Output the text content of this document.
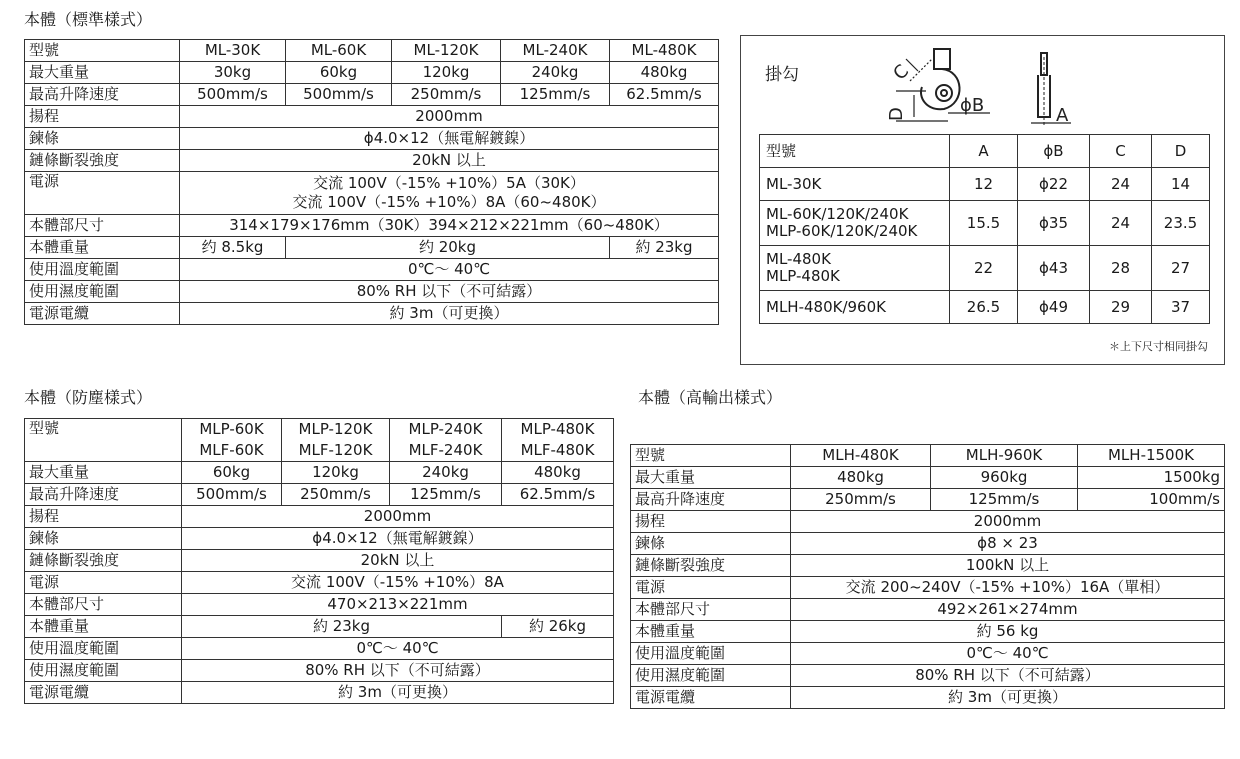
本體（標準樣式）
型號	ML-30K	ML-60K	ML-120K	ML-240K	ML-480K
最大重量	30kg	60kg	120kg	240kg	480kg
最高升降速度	500mm/s	500mm/s	250mm/s	125mm/s	62.5mm/s
揚程	2000mm				
鍊條	ϕ4.0×12（無電解鍍鎳）				
鏈條斷裂強度	20kN 以上				
電源	交流 100V（-15% +10%）5A（30K）
交流 100V（-15% +10%）8A（60~480K）				

本體部尺寸	314×179×176mm（30K）394×212×221mm（60~480K）				
本體重量	约 8.5kg	约 20kg			約 23kg
使用溫度範圍	0℃～ 40℃				
使用濕度範圍	80% RH 以下（不可結露）				
電源電纜	約 3m（可更換）				
掛勾	C
D	ϕB	A
型號	A	ϕB	C	D
ML-30K	12	ϕ22	24	14

ML-60K/120K/240K
MLP-60K/120K/240K	15.5	ϕ35	24	23.5

ML-480K
MLP-480K	22	ϕ43	28	27
MLH-480K/960K	26.5	ϕ49	29	37
＊上下尺寸相同掛勾
本體（防塵樣式）
型號	MLP-60K	MLP-120K	MLP-240K	MLP-480K
	MLF-60K	MLF-120K	MLF-240K	MLF-480K
最大重量	60kg	120kg	240kg	480kg
最高升降速度	500mm/s	250mm/s	125mm/s	62.5mm/s
揚程	2000mm			
鍊條	ϕ4.0×12（無電解鍍鎳）			
鏈條斷裂強度	20kN 以上			
電源	交流 100V（-15% +10%）8A			
本體部尺寸	470×213×221mm			
本體重量	約 23kg			約 26kg
使用溫度範圍	0℃～ 40℃			
使用濕度範圍	80% RH 以下（不可結露）			
電源電纜	約 3m（可更換）			
本體（高輸出樣式）
型號	MLH-480K	MLH-960K	MLH-1500K
最大重量	480kg	960kg	1500kg
最高升降速度	250mm/s	125mm/s	100mm/s
揚程	2000mm		
鍊條	ϕ8 × 23		
鏈條斷裂強度	100kN 以上		
電源	交流 200~240V（-15% +10%）16A（單相）		
本體部尺寸	492×261×274mm		
本體重量	約 56 kg		
使用溫度範圍	0℃～ 40℃		
使用濕度範圍	80% RH 以下（不可結露）		
電源電纜	約 3m（可更換）		
